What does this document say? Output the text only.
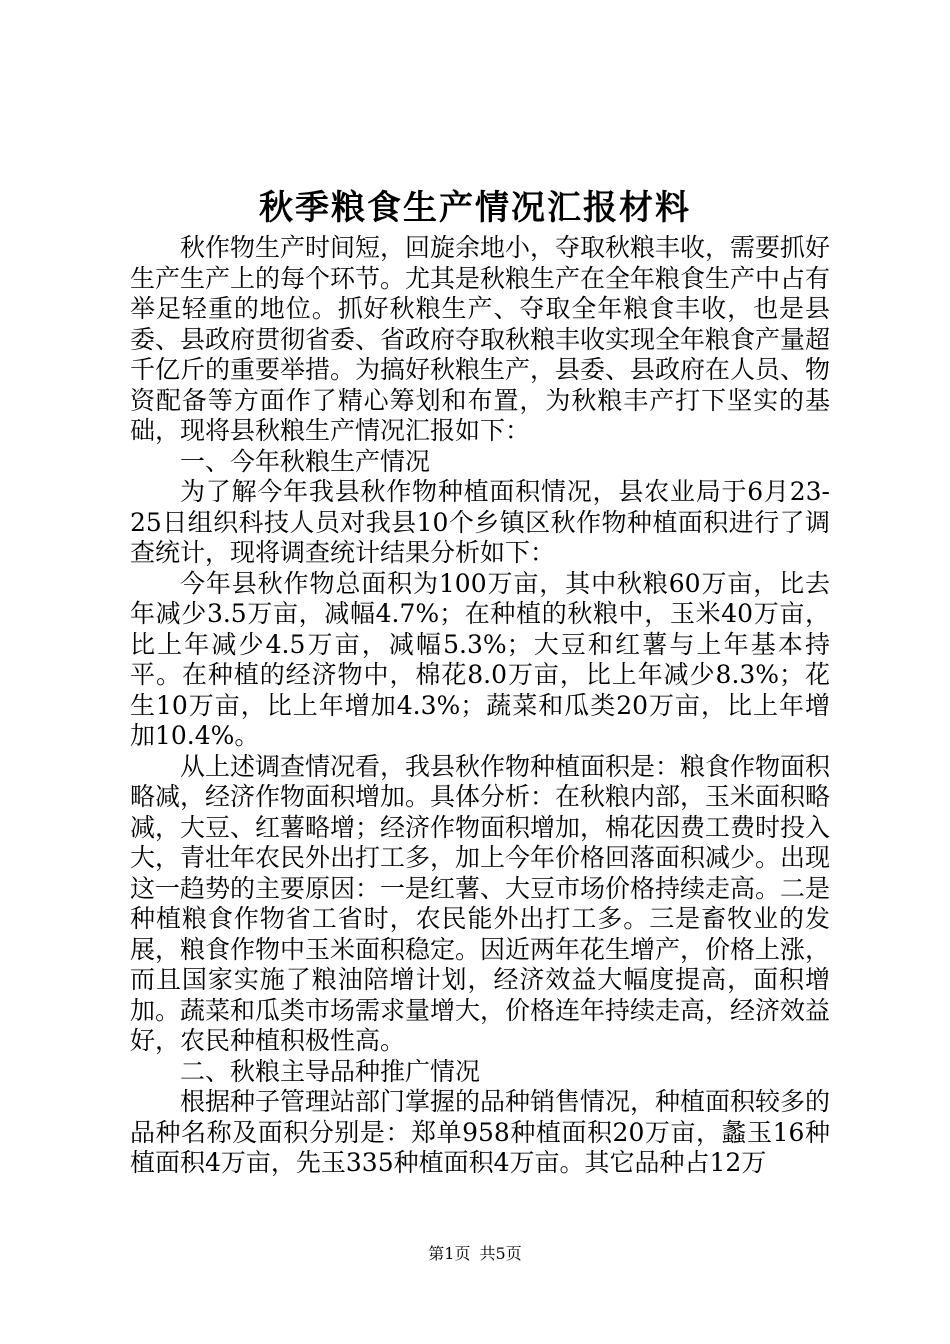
秋季粮食生产情况汇报材料

秋作物生产时间短，回旋余地小，夺取秋粮丰收，需要抓好生产生产上的每个环节。尤其是秋粮生产在全年粮食生产中占有举足轻重的地位。抓好秋粮生产、夺取全年粮食丰收，也是县委、县政府贯彻省委、省政府夺取秋粮丰收实现全年粮食产量超千亿斤的重要举措。为搞好秋粮生产，县委、县政府在人员、物资配备等方面作了精心筹划和布置，为秋粮丰产打下坚实的基础，现将县秋粮生产情况汇报如下：

一、今年秋粮生产情况

为了解今年我县秋作物种植面积情况，县农业局于6月23-25日组织科技人员对我县10个乡镇区秋作物种植面积进行了调查统计，现将调查统计结果分析如下：

今年县秋作物总面积为100万亩，其中秋粮60万亩，比去年减少3.5万亩，减幅4.7%；在种植的秋粮中，玉米40万亩，比上年减少4.5万亩，减幅5.3%；大豆和红薯与上年基本持平。在种植的经济物中，棉花8.0万亩，比上年减少8.3%；花生10万亩，比上年增加4.3%；蔬菜和瓜类20万亩，比上年增加10.4%。

从上述调查情况看，我县秋作物种植面积是：粮食作物面积略减，经济作物面积增加。具体分析：在秋粮内部，玉米面积略减，大豆、红薯略增；经济作物面积增加，棉花因费工费时投入大，青壮年农民外出打工多，加上今年价格回落面积减少。出现这一趋势的主要原因：一是红薯、大豆市场价格持续走高。二是种植粮食作物省工省时，农民能外出打工多。三是畜牧业的发展，粮食作物中玉米面积稳定。因近两年花生增产，价格上涨，而且国家实施了粮油陪增计划，经济效益大幅度提高，面积增加。蔬菜和瓜类市场需求量增大，价格连年持续走高，经济效益好，农民种植积极性高。

二、秋粮主导品种推广情况

根据种子管理站部门掌握的品种销售情况，种植面积较多的品种名称及面积分别是：郑单958种植面积20万亩，蠡玉16种植面积4万亩，先玉335种植面积4万亩。其它品种占12万

第1页 共5页
